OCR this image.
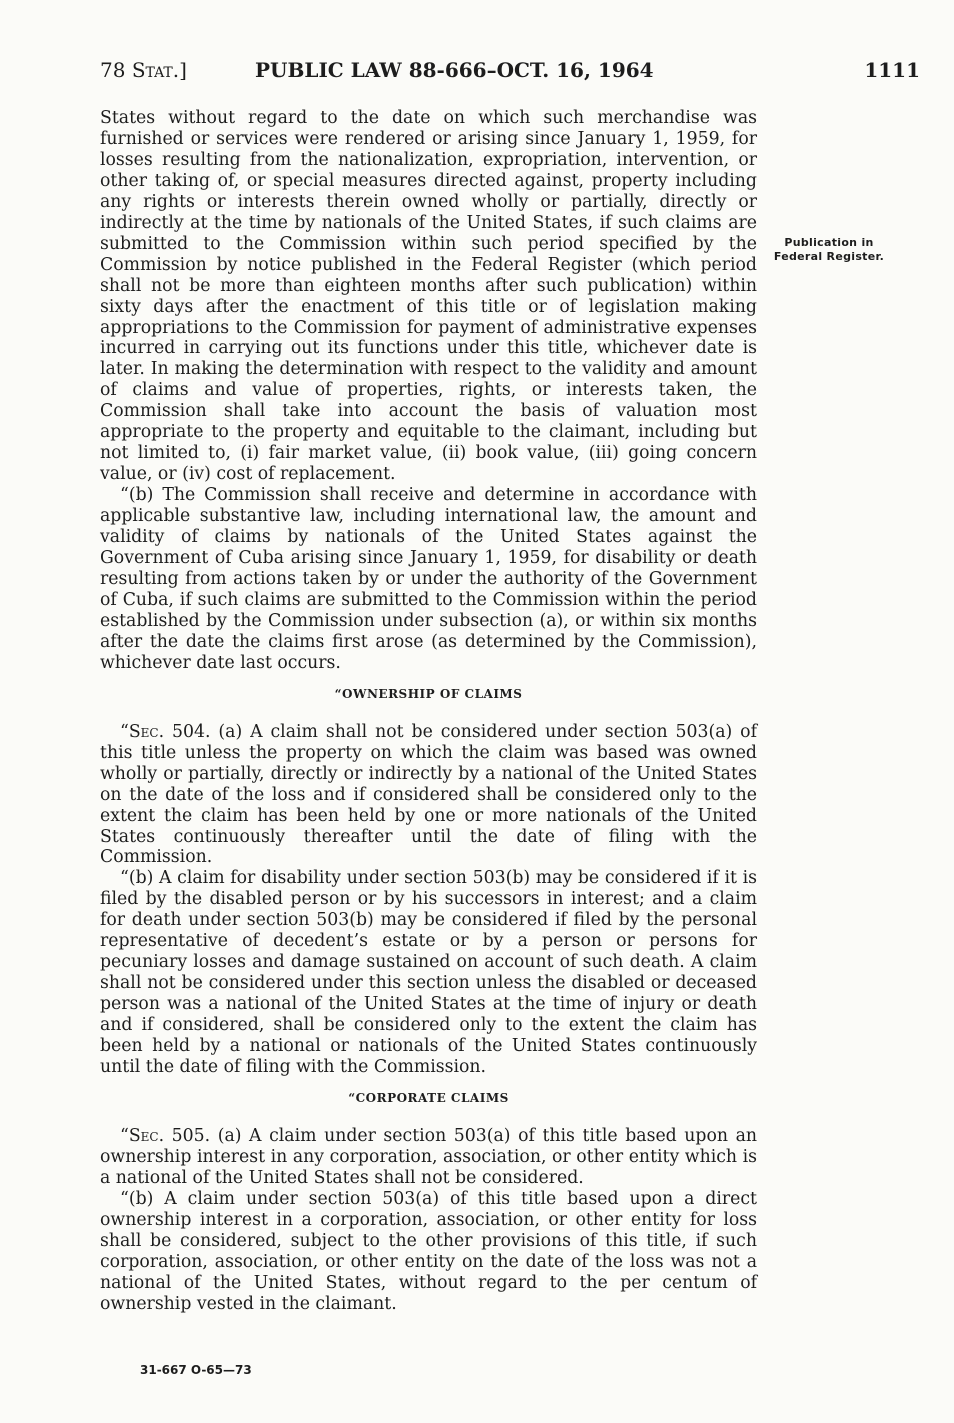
78 Stat.]	PUBLIC LAW 88-666–OCT. 16, 1964	1111
Publication in
Federal Register.

States without regard to the date on which such merchandise was furnished or services were rendered or arising since January 1, 1959, for losses resulting from the nationalization, expropriation, intervention, or other taking of, or special measures directed against, property including any rights or interests therein owned wholly or partially, directly or indirectly at the time by nationals of the United States, if such claims are submitted to the Commission within such period specified by the Commission by notice published in the Federal Register (which period shall not be more than eighteen months after such publication) within sixty days after the enactment of this title or of legislation making appropriations to the Commission for payment of administrative expenses incurred in carrying out its functions under this title, whichever date is later. In making the determination with respect to the validity and amount of claims and value of properties, rights, or interests taken, the Commission shall take into account the basis of valuation most appropriate to the property and equitable to the claimant, including but not limited to, (i) fair market value, (ii) book value, (iii) going concern value, or (iv) cost of replacement.

“(b) The Commission shall receive and determine in accordance with applicable substantive law, including international law, the amount and validity of claims by nationals of the United States against the Government of Cuba arising since January 1, 1959, for disability or death resulting from actions taken by or under the authority of the Government of Cuba, if such claims are submitted to the Commission within the period established by the Commission under subsection (a), or within six months after the date the claims first arose (as determined by the Commission), whichever date last occurs.

“OWNERSHIP OF CLAIMS

“Sec. 504. (a) A claim shall not be considered under section 503(a) of this title unless the property on which the claim was based was owned wholly or partially, directly or indirectly by a national of the United States on the date of the loss and if considered shall be considered only to the extent the claim has been held by one or more nationals of the United States continuously thereafter until the date of filing with the Commission.

“(b) A claim for disability under section 503(b) may be considered if it is filed by the disabled person or by his successors in interest; and a claim for death under section 503(b) may be considered if filed by the personal representative of decedent’s estate or by a person or persons for pecuniary losses and damage sustained on account of such death. A claim shall not be considered under this section unless the disabled or deceased person was a national of the United States at the time of injury or death and if considered, shall be considered only to the extent the claim has been held by a national or nationals of the United States continuously until the date of filing with the Commission.

“CORPORATE CLAIMS

“Sec. 505. (a) A claim under section 503(a) of this title based upon an ownership interest in any corporation, association, or other entity which is a national of the United States shall not be considered.

“(b) A claim under section 503(a) of this title based upon a direct ownership interest in a corporation, association, or other entity for loss shall be considered, subject to the other provisions of this title, if such corporation, association, or other entity on the date of the loss was not a national of the United States, without regard to the per centum of ownership vested in the claimant.

31-667 O-65—73
